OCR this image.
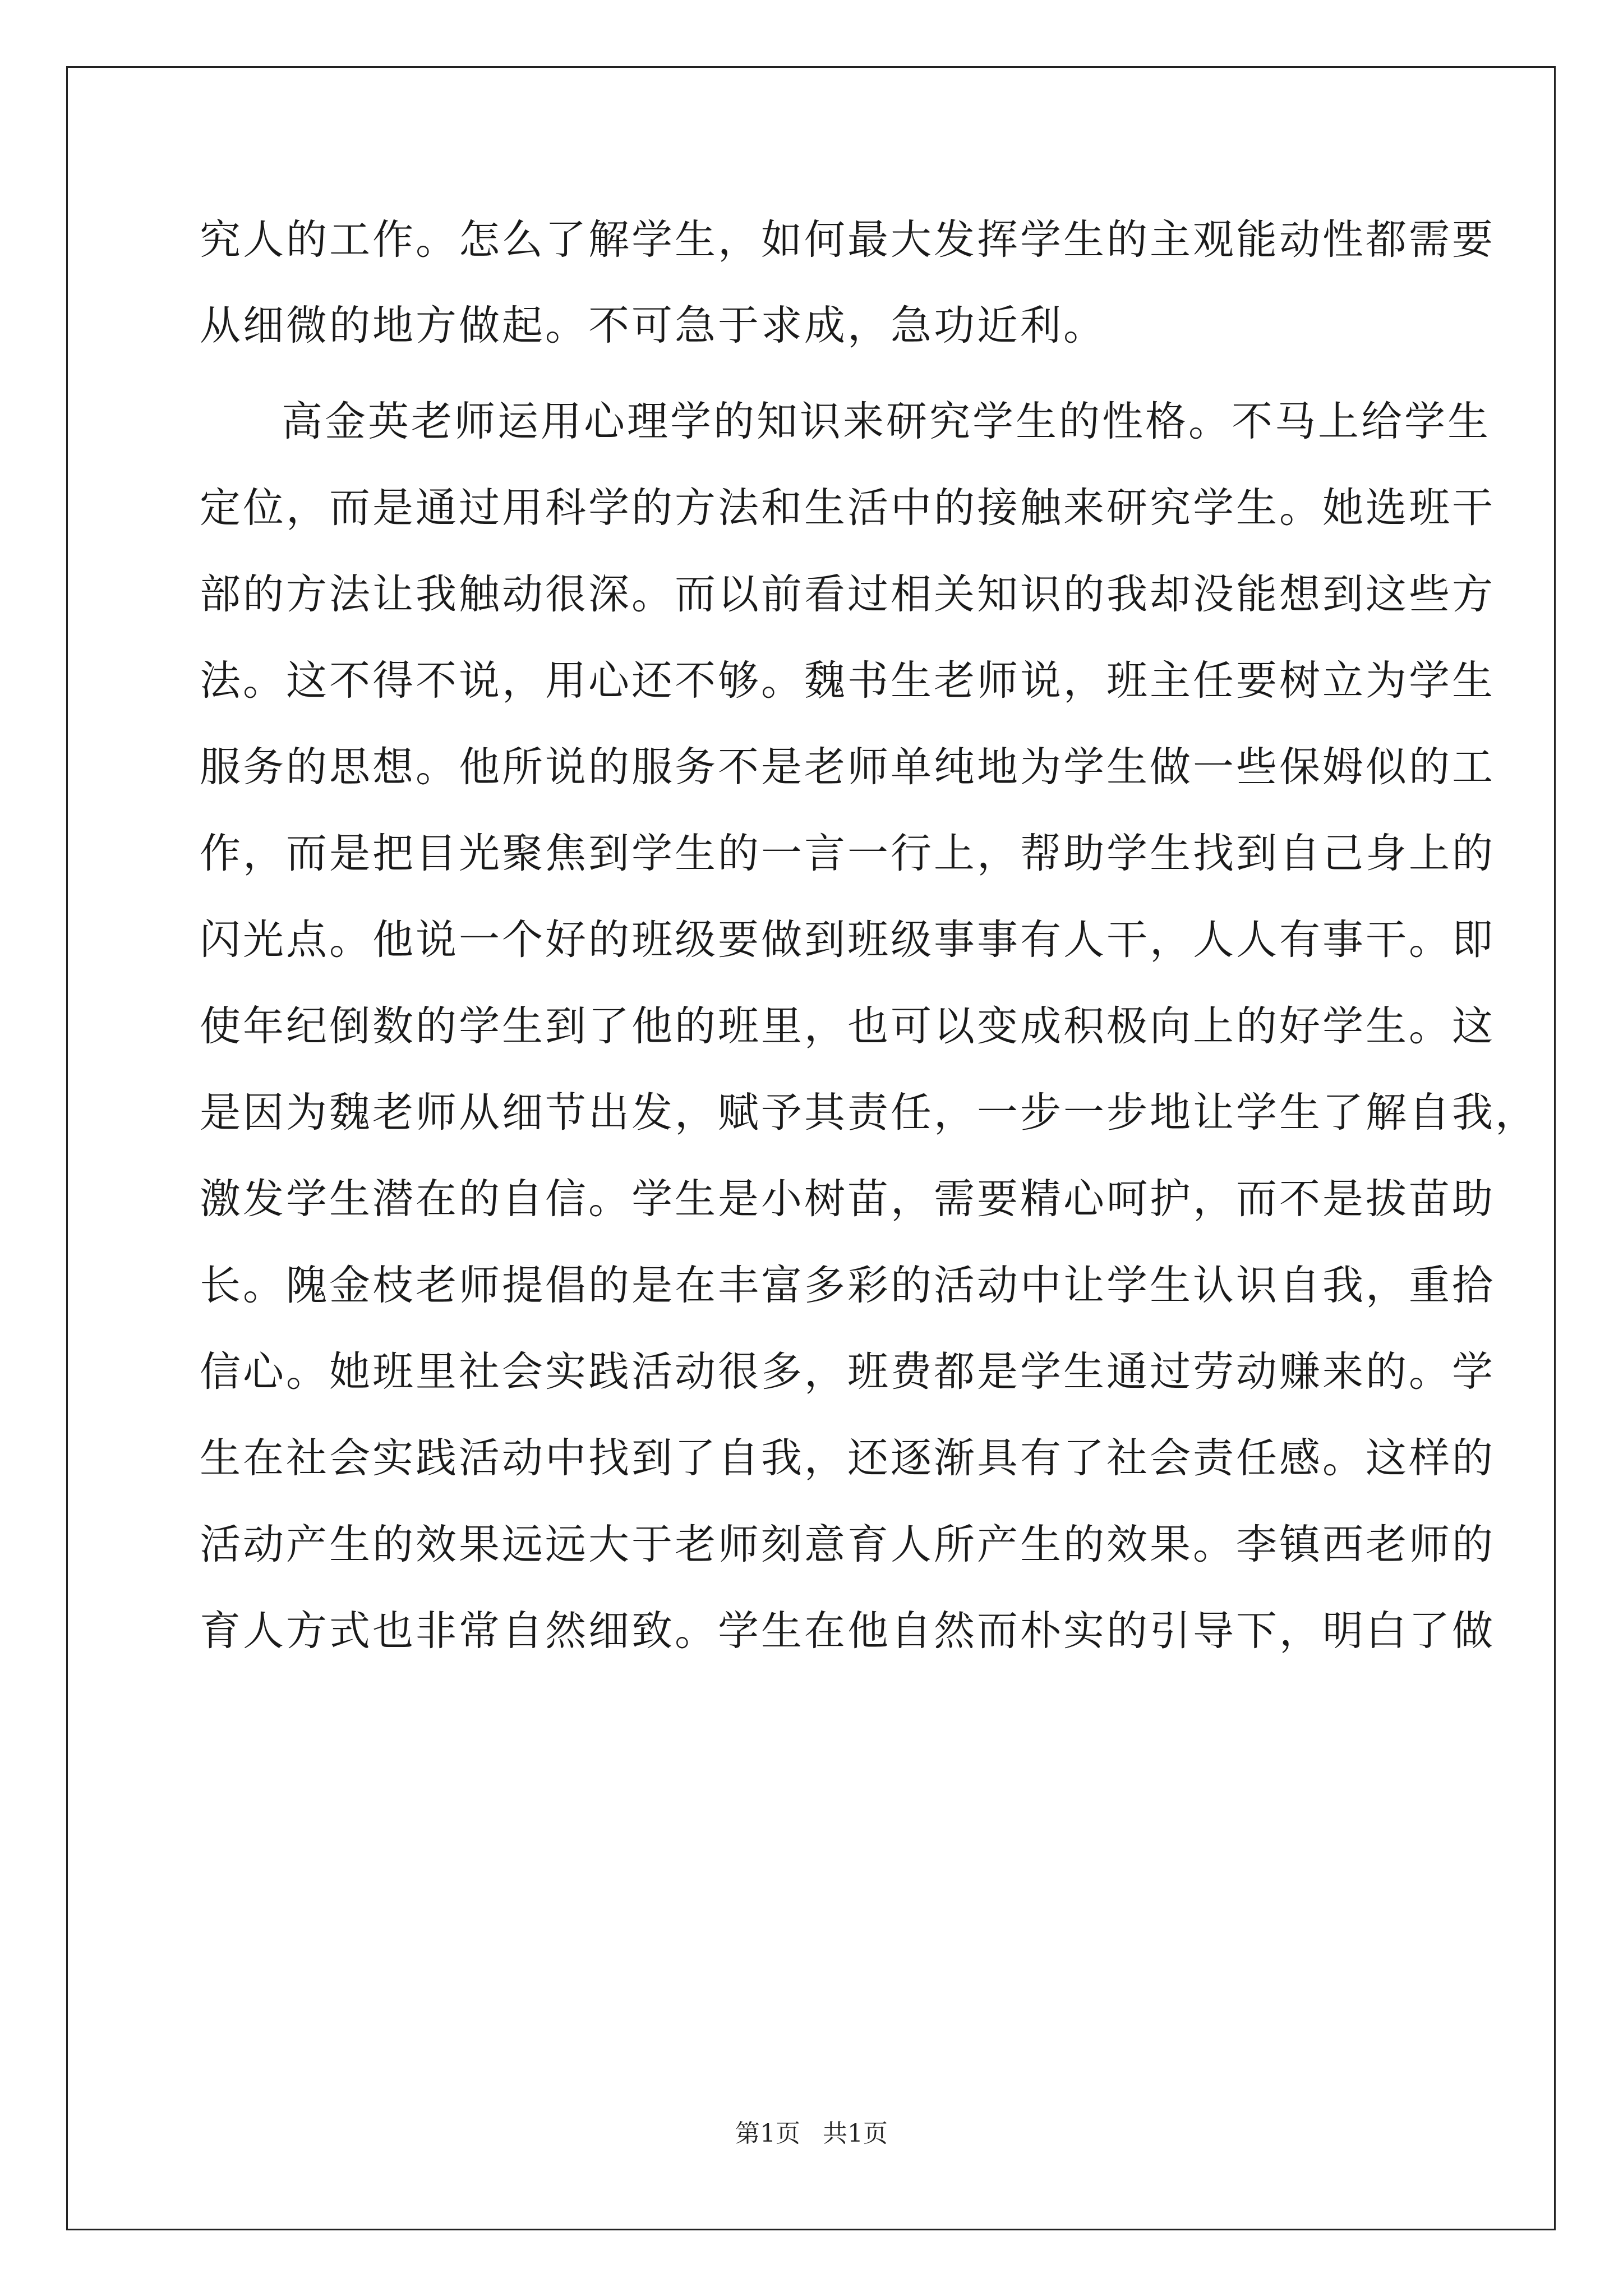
究人的工作。怎么了解学生，如何最大发挥学生的主观能动性都需要
从细微的地方做起。不可急于求成，急功近利。
高金英老师运用心理学的知识来研究学生的性格。不马上给学生
定位，而是通过用科学的方法和生活中的接触来研究学生。她选班干
部的方法让我触动很深。而以前看过相关知识的我却没能想到这些方
法。这不得不说，用心还不够。魏书生老师说，班主任要树立为学生
服务的思想。他所说的服务不是老师单纯地为学生做一些保姆似的工
作，而是把目光聚焦到学生的一言一行上，帮助学生找到自己身上的
闪光点。他说一个好的班级要做到班级事事有人干，人人有事干。即
使年纪倒数的学生到了他的班里，也可以变成积极向上的好学生。这
是因为魏老师从细节出发，赋予其责任，一步一步地让学生了解自我，
激发学生潜在的自信。学生是小树苗，需要精心呵护，而不是拔苗助
长。隗金枝老师提倡的是在丰富多彩的活动中让学生认识自我，重拾
信心。她班里社会实践活动很多，班费都是学生通过劳动赚来的。学
生在社会实践活动中找到了自我，还逐渐具有了社会责任感。这样的
活动产生的效果远远大于老师刻意育人所产生的效果。李镇西老师的
育人方式也非常自然细致。学生在他自然而朴实的引导下，明白了做
第1页 共1页
